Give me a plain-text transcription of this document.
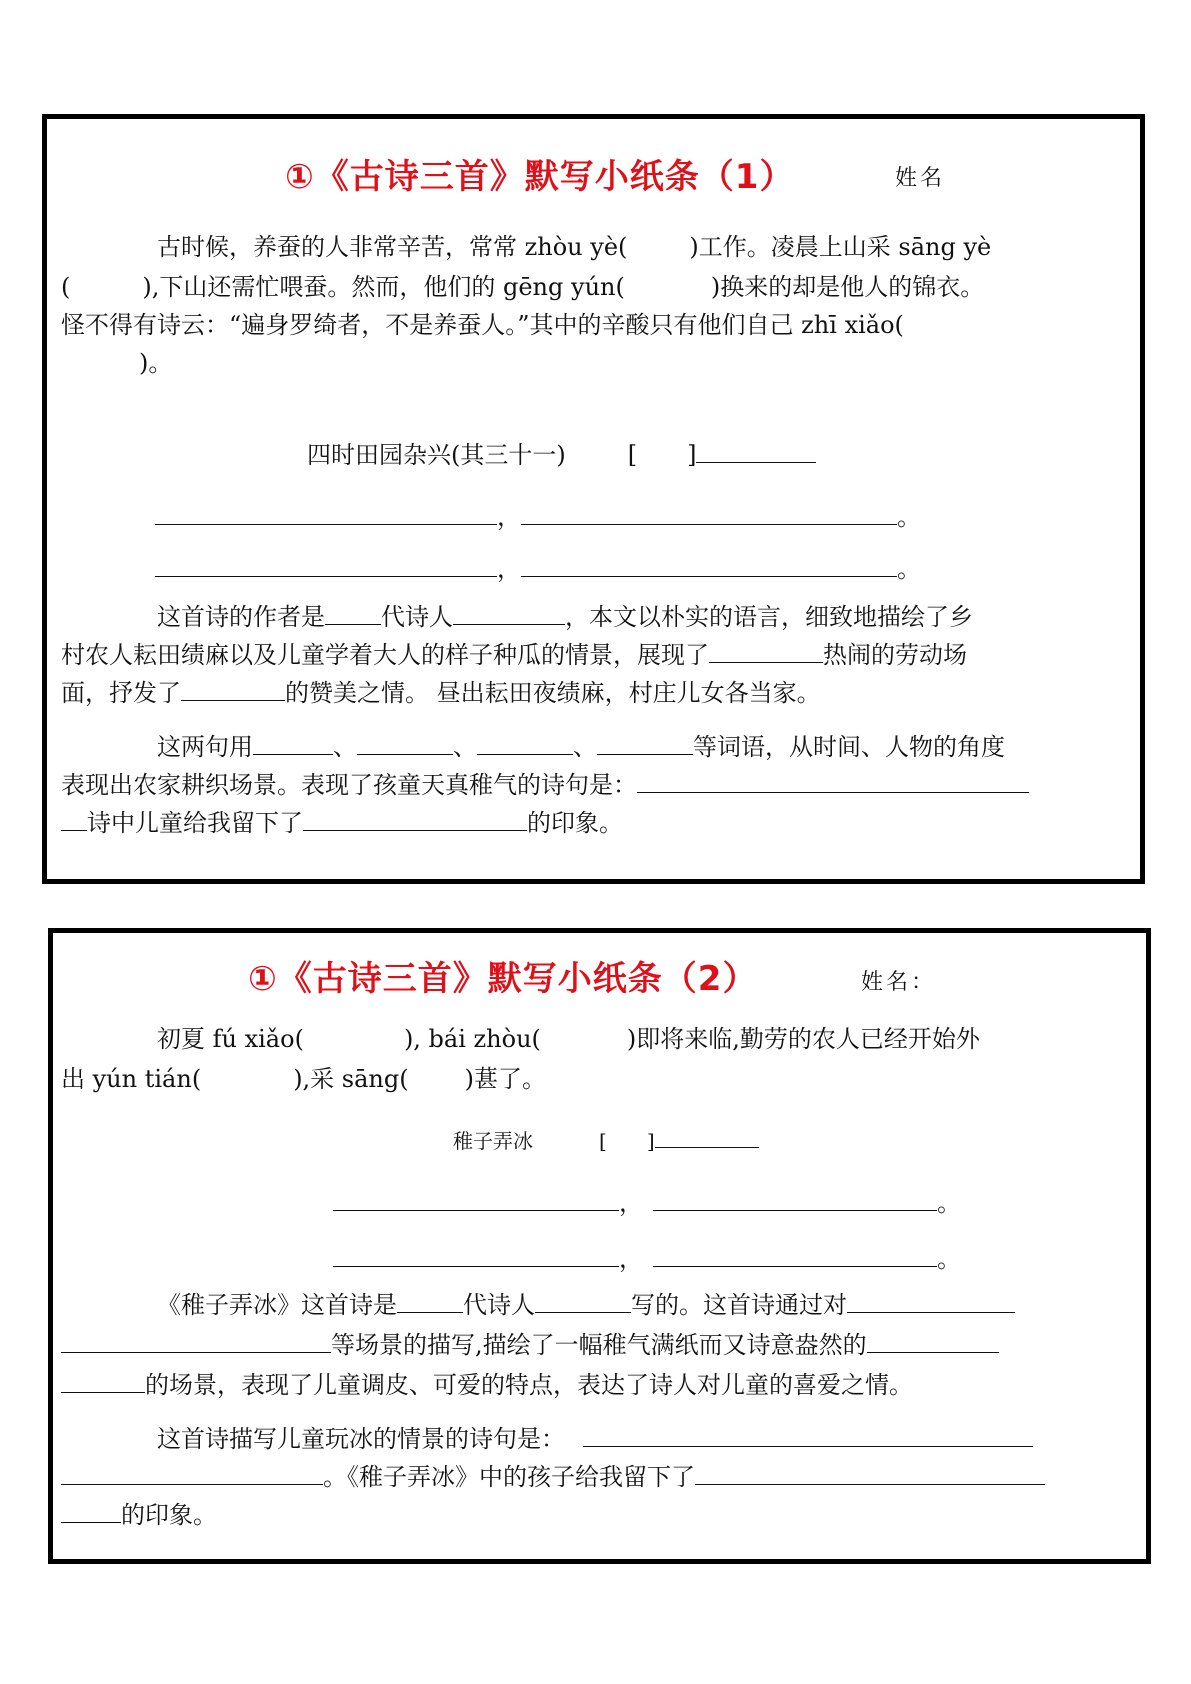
①《古诗三首》默写小纸条（1）	姓名
古时候，养蚕的人非常辛苦，常常 zhòu yè(	)工作。凌晨上山采 sāng yè
(	),下山还需忙喂蚕。然而，他们的 gēng yún(	)换来的却是他人的锦衣。
怪不得有诗云：“遍身罗绮者，不是养蚕人。”其中的辛酸只有他们自己 zhī xiǎo(
)。
四时田园杂兴(其三十一)	[ ]
，	。
，	。
这首诗的作者是 代诗人	，本文以朴实的语言，细致地描绘了乡
村农人耘田绩麻以及儿童学着大人的样子种瓜的情景，展现了	热闹的劳动场
面，抒发了	的赞美之情。 昼出耘田夜绩麻，村庄儿女各当家。
这两句用	、	、	、	等词语，从时间、人物的角度
表现出农家耕织场景。表现了孩童天真稚气的诗句是：
诗中儿童给我留下了	的印象。
①《古诗三首》默写小纸条（2）	姓名：
初夏 fú xiǎo(	), bái zhòu(	)即将来临,勤劳的农人已经开始外
出 yún tián(	),采 sāng( )葚了。
稚子弄冰	[ ]
，	。
，	。
《稚子弄冰》这首诗是	代诗人	写的。这首诗通过对
等场景的描写,描绘了一幅稚气满纸而又诗意盎然的
的场景，表现了儿童调皮、可爱的特点，表达了诗人对儿童的喜爱之情。
这首诗描写儿童玩冰的情景的诗句是：
。《稚子弄冰》中的孩子给我留下了
的印象。
